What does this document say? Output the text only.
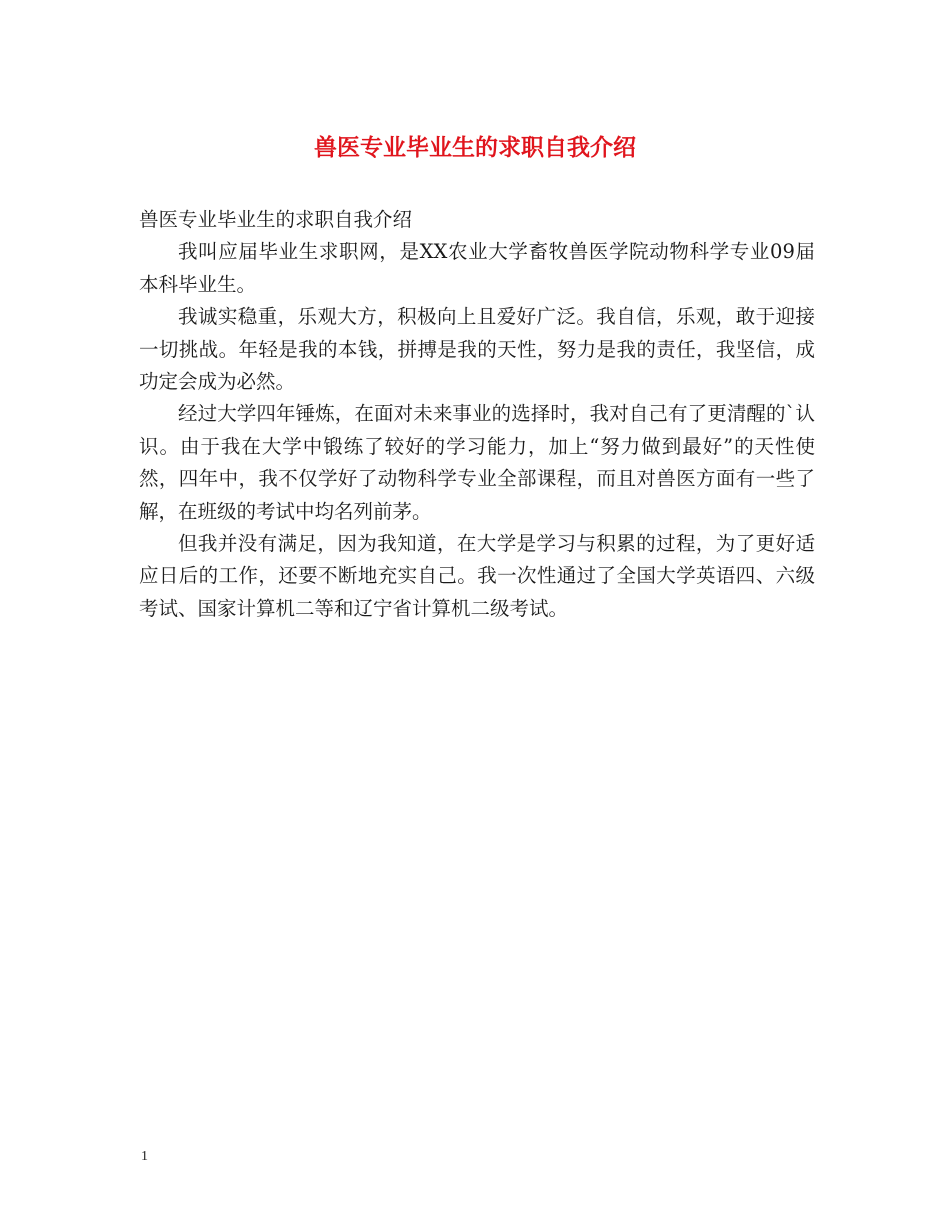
兽医专业毕业生的求职自我介绍

兽医专业毕业生的求职自我介绍

我叫应届毕业生求职网，是XX农业大学畜牧兽医学院动物科学专业09届本科毕业生。

我诚实稳重，乐观大方，积极向上且爱好广泛。我自信，乐观，敢于迎接一切挑战。年轻是我的本钱，拼搏是我的天性，努力是我的责任，我坚信，成功定会成为必然。

经过大学四年锤炼，在面对未来事业的选择时，我对自己有了更清醒的`认识。由于我在大学中锻练了较好的学习能力，加上“努力做到最好”的天性使然，四年中，我不仅学好了动物科学专业全部课程，而且对兽医方面有一些了解，在班级的考试中均名列前茅。

但我并没有满足，因为我知道，在大学是学习与积累的过程，为了更好适应日后的工作，还要不断地充实自己。我一次性通过了全国大学英语四、六级考试、国家计算机二等和辽宁省计算机二级考试。

1
